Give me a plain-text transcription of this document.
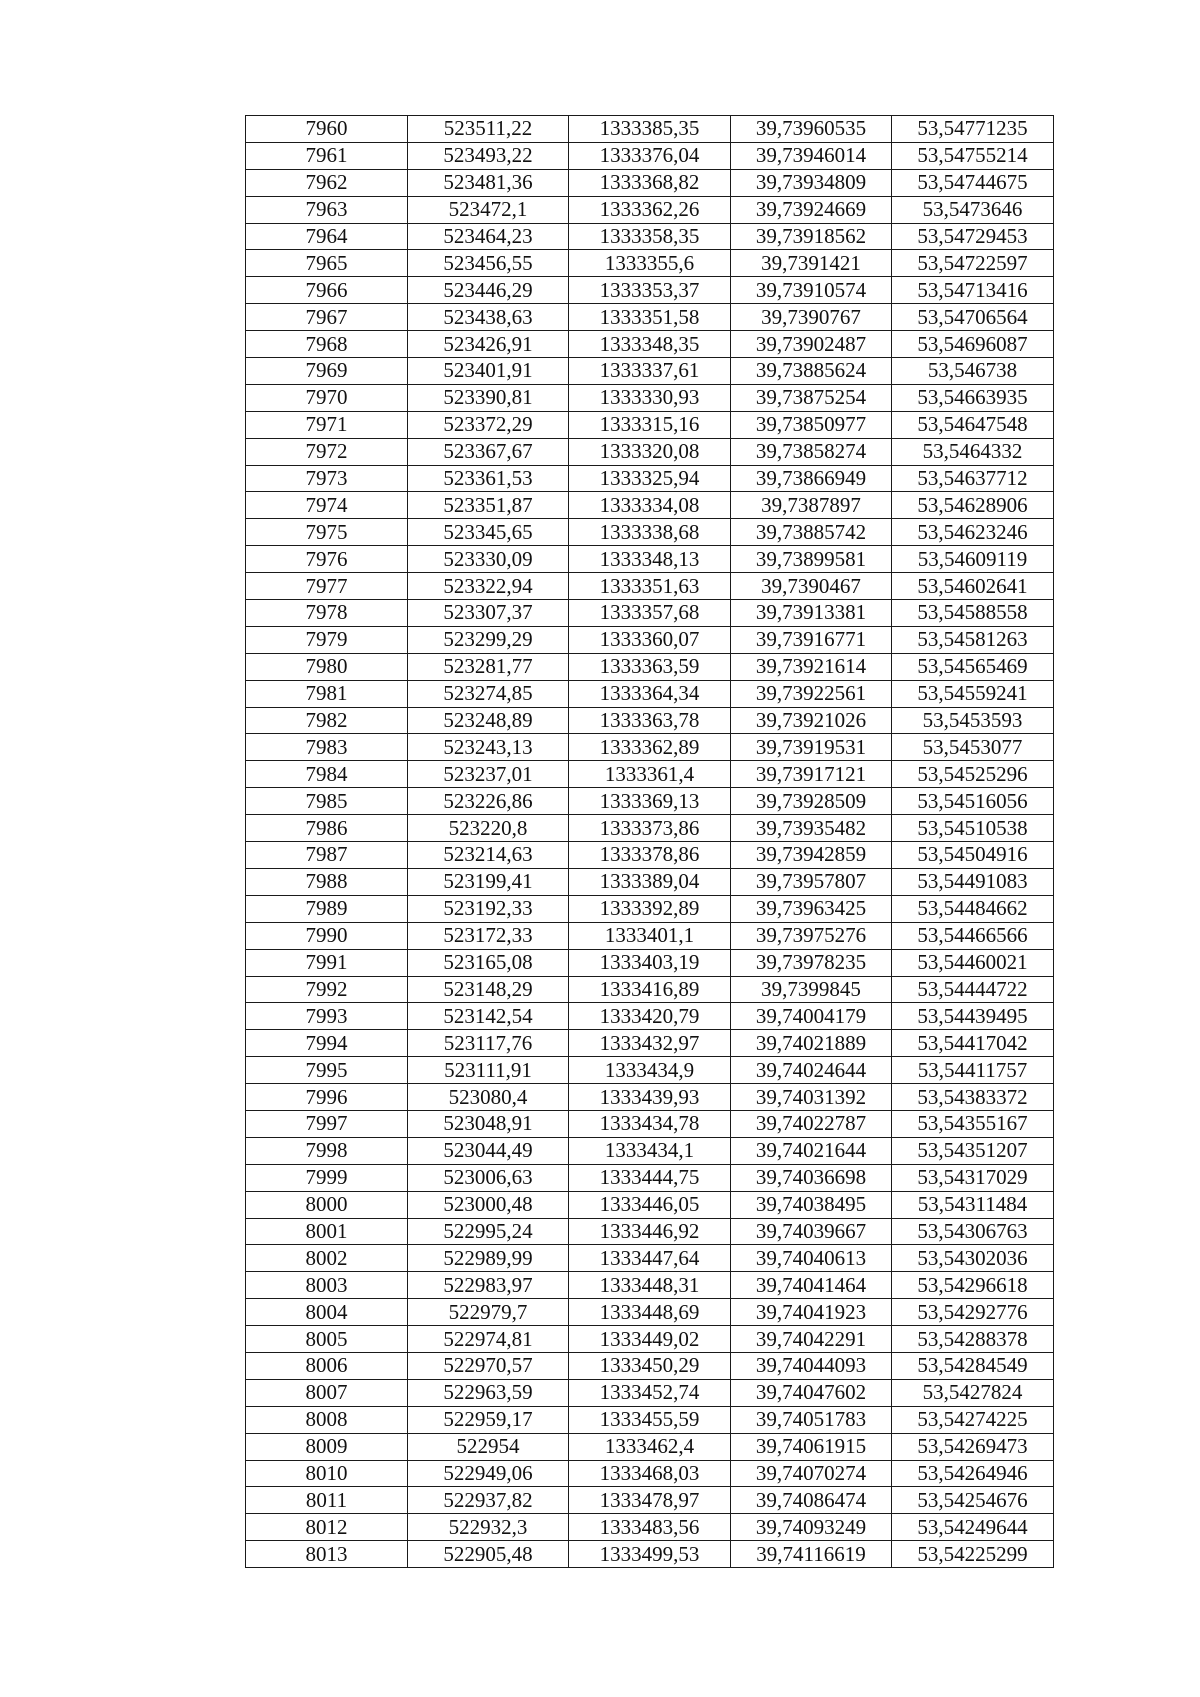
7960	523511,22	1333385,35	39,73960535	53,54771235
7961	523493,22	1333376,04	39,73946014	53,54755214
7962	523481,36	1333368,82	39,73934809	53,54744675
7963	523472,1	1333362,26	39,73924669	53,5473646
7964	523464,23	1333358,35	39,73918562	53,54729453
7965	523456,55	1333355,6	39,7391421	53,54722597
7966	523446,29	1333353,37	39,73910574	53,54713416
7967	523438,63	1333351,58	39,7390767	53,54706564
7968	523426,91	1333348,35	39,73902487	53,54696087
7969	523401,91	1333337,61	39,73885624	53,546738
7970	523390,81	1333330,93	39,73875254	53,54663935
7971	523372,29	1333315,16	39,73850977	53,54647548
7972	523367,67	1333320,08	39,73858274	53,5464332
7973	523361,53	1333325,94	39,73866949	53,54637712
7974	523351,87	1333334,08	39,7387897	53,54628906
7975	523345,65	1333338,68	39,73885742	53,54623246
7976	523330,09	1333348,13	39,73899581	53,54609119
7977	523322,94	1333351,63	39,7390467	53,54602641
7978	523307,37	1333357,68	39,73913381	53,54588558
7979	523299,29	1333360,07	39,73916771	53,54581263
7980	523281,77	1333363,59	39,73921614	53,54565469
7981	523274,85	1333364,34	39,73922561	53,54559241
7982	523248,89	1333363,78	39,73921026	53,5453593
7983	523243,13	1333362,89	39,73919531	53,5453077
7984	523237,01	1333361,4	39,73917121	53,54525296
7985	523226,86	1333369,13	39,73928509	53,54516056
7986	523220,8	1333373,86	39,73935482	53,54510538
7987	523214,63	1333378,86	39,73942859	53,54504916
7988	523199,41	1333389,04	39,73957807	53,54491083
7989	523192,33	1333392,89	39,73963425	53,54484662
7990	523172,33	1333401,1	39,73975276	53,54466566
7991	523165,08	1333403,19	39,73978235	53,54460021
7992	523148,29	1333416,89	39,7399845	53,54444722
7993	523142,54	1333420,79	39,74004179	53,54439495
7994	523117,76	1333432,97	39,74021889	53,54417042
7995	523111,91	1333434,9	39,74024644	53,54411757
7996	523080,4	1333439,93	39,74031392	53,54383372
7997	523048,91	1333434,78	39,74022787	53,54355167
7998	523044,49	1333434,1	39,74021644	53,54351207
7999	523006,63	1333444,75	39,74036698	53,54317029
8000	523000,48	1333446,05	39,74038495	53,54311484
8001	522995,24	1333446,92	39,74039667	53,54306763
8002	522989,99	1333447,64	39,74040613	53,54302036
8003	522983,97	1333448,31	39,74041464	53,54296618
8004	522979,7	1333448,69	39,74041923	53,54292776
8005	522974,81	1333449,02	39,74042291	53,54288378
8006	522970,57	1333450,29	39,74044093	53,54284549
8007	522963,59	1333452,74	39,74047602	53,5427824
8008	522959,17	1333455,59	39,74051783	53,54274225
8009	522954	1333462,4	39,74061915	53,54269473
8010	522949,06	1333468,03	39,74070274	53,54264946
8011	522937,82	1333478,97	39,74086474	53,54254676
8012	522932,3	1333483,56	39,74093249	53,54249644
8013	522905,48	1333499,53	39,74116619	53,54225299
